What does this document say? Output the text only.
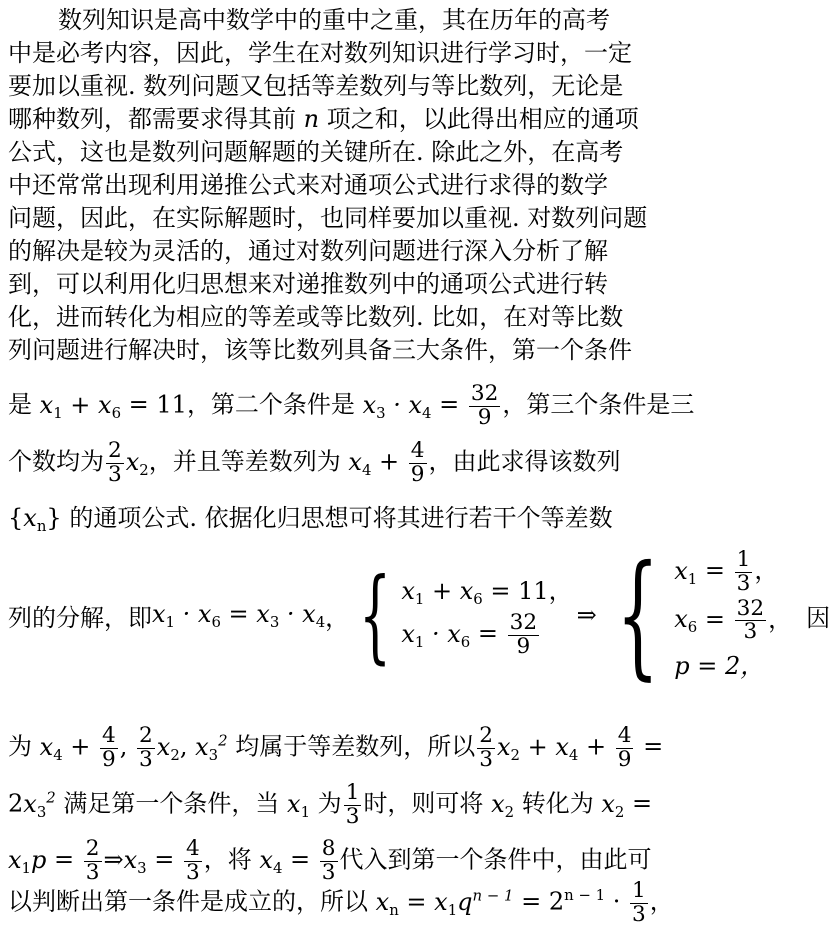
数列知识是高中数学中的重中之重，其在历年的高考
中是必考内容，因此，学生在对数列知识进行学习时，一定
要加以重视. 数列问题又包括等差数列与等比数列，无论是
哪种数列，都需要求得其前 n 项之和，以此得出相应的通项
公式，这也是数列问题解题的关键所在. 除此之外，在高考
中还常常出现利用递推公式来对通项公式进行求得的数学
问题，因此，在实际解题时，也同样要加以重视. 对数列问题
的解决是较为灵活的，通过对数列问题进行深入分析了解
到，可以利用化归思想来对递推数列中的通项公式进行转
化，进而转化为相应的等差或等比数列. 比如，在对等比数
列问题进行解决时，该等比数列具备三大条件，第一个条件
是 $x_1 + x_6 = 11$，第二个条件是 $x_3 \cdot x_4 = \frac{32}{9}$ ，第三个条件是三
个数均为 $\frac{2}{3} x_2$，并且等差数列为 $x_4 + \frac{4}{9}$ ，由此求得该数列
$\{x_n\}$ 的通项公式. 依据化归思想可将其进行若干个等差数
列的分解，即 $x_1 \cdot x_6 = x_3 \cdot x_4$ ， { $x_1 + x_6 = 11$，
$x_1 \cdot x_6 = \frac{32}{9}$ ⇒ { $x_1 = \frac{1}{3}$ ，
$x_6 = \frac{32}{3}$ ，
p = 2，
因
为 $x_4 + \frac{4}{9}$ , $\frac{2}{3} x_2$, $x_3^2$ 均属于等差数列，所以 $\frac{2}{3} x_2 + x_4 + \frac{4}{9}$ =
$2x_3^2$ 满足第一个条件，当 $x_1$ 为 $\frac{1}{3}$ 时，则可将 $x_2$ 转化为 $x_2$ =
$x_1p = \frac{2}{3}$ $\Rightarrow x_3 = \frac{4}{3}$ ，将 $x_4 = \frac{8}{3}$ 代入到第一个条件中，由此可
以判断出第一条件是成立的，所以 $x_n = x_1q^{n - 1} = 2^{n - 1} \cdot \frac{1}{3}$ ，
